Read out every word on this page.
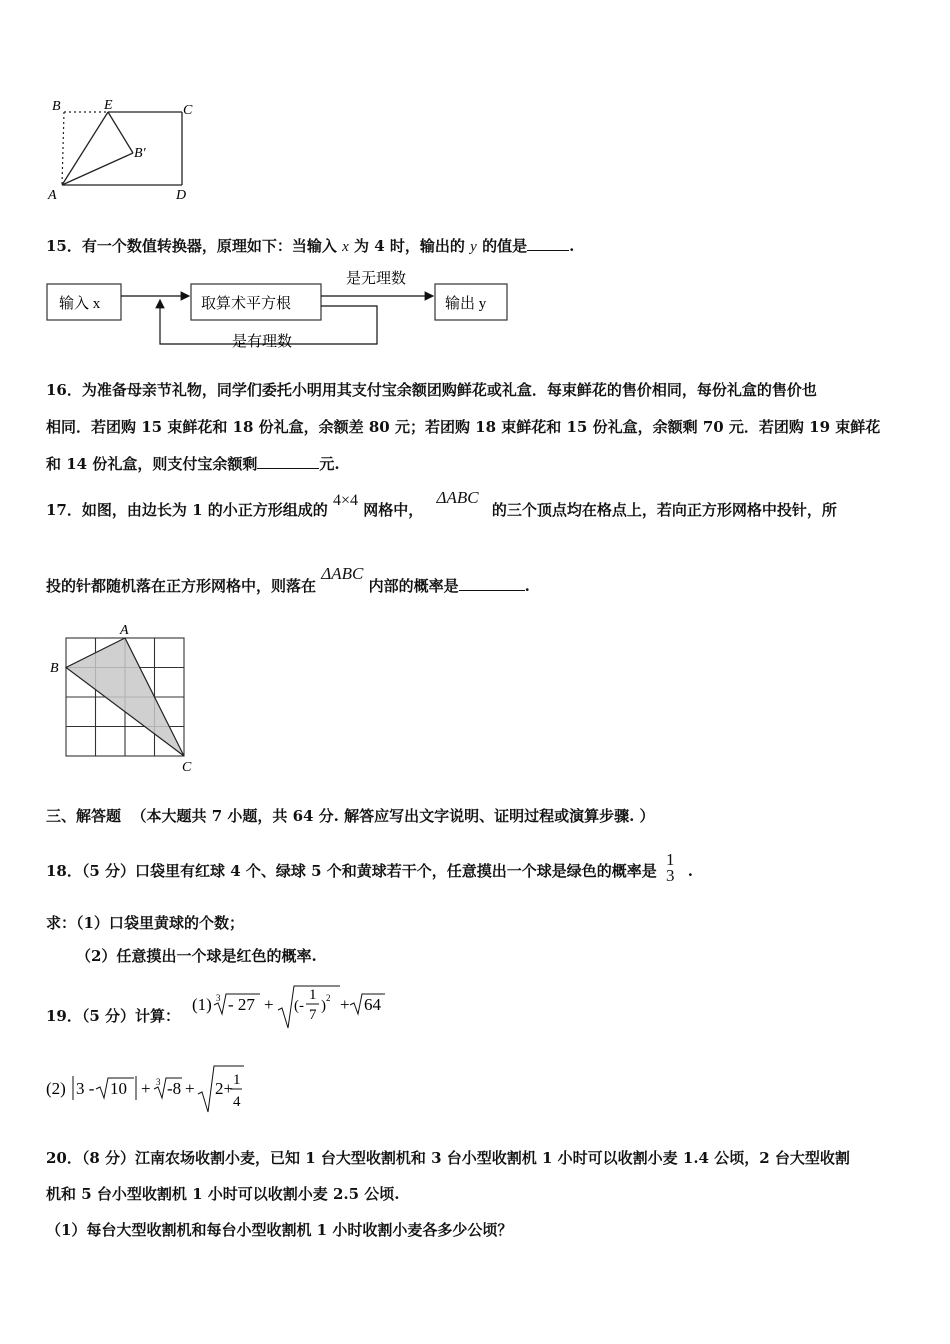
B	E	C
B′
A	D
15．有一个数值转换器，原理如下：当输入 x 为 4 时，输出的 y 的值是	.
输入 x	取算术平方根	输出 y
是无理数
是有理数
16．为准备母亲节礼物，同学们委托小明用其支付宝余额团购鲜花或礼盒．每束鲜花的售价相同，每份礼盒的售价也
相同．若团购 15 束鲜花和 18 份礼盒，余额差 80 元；若团购 18 束鲜花和 15 份礼盒，余额剩 70 元．若团购 19 束鲜花
和 14 份礼盒，则支付宝余额剩	元.
17．如图，由边长为 1 的小正方形组成的 4×4 网格中， ΔABC 的三个顶点均在格点上，若向正方形网格中投针，所
投的针都随机落在正方形网格中，则落在 ΔABC 内部的概率是	.
A
B
C
三、解答题 （本大题共 7 小题，共 64 分. 解答应写出文字说明、证明过程或演算步骤. ）
18．（5 分）口袋里有红球 4 个、绿球 5 个和黄球若干个，任意摸出一个球是绿色的概率是
1
3 .
求：（1）口袋里黄球的个数；
（2）任意摸出一个球是红色的概率.
19．（5 分）计算：
(1) 3 - 27 + (-
1
7
) 2 + 64
(2) 3 - 10 + 3 -8 + 2+ 1
4
20．（8 分）江南农场收割小麦，已知 1 台大型收割机和 3 台小型收割机 1 小时可以收割小麦 1.4 公顷，2 台大型收割
机和 5 台小型收割机 1 小时可以收割小麦 2.5 公顷.
（1）每台大型收割机和每台小型收割机 1 小时收割小麦各多少公顷？
